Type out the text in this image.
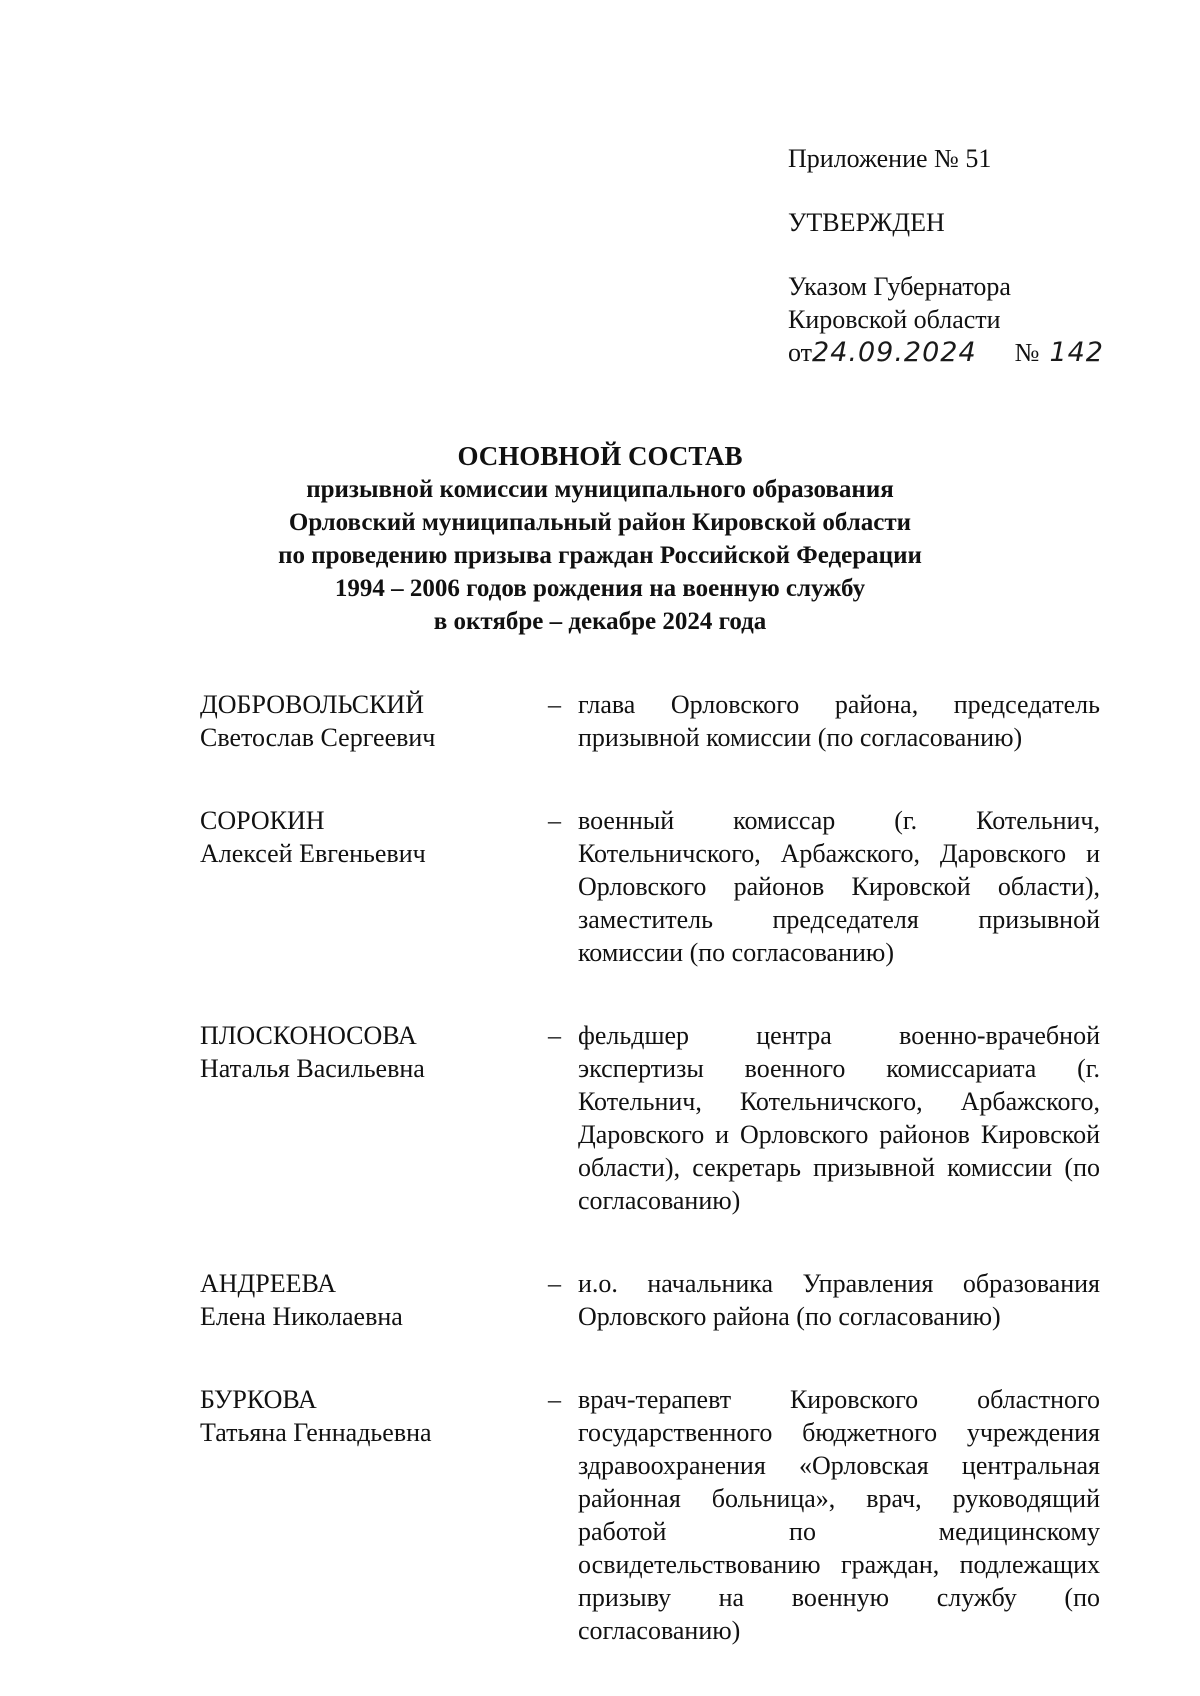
Приложение № 51
УТВЕРЖДЕН
Указом Губернатора
Кировской области
от24.09.2024 № 142
ОСНОВНОЙ СОСТАВ
призывной комиссии муниципального образования
Орловский муниципальный район Кировской области
по проведению призыва граждан Российской Федерации
1994 – 2006 годов рождения на военную службу
в октябре – декабре 2024 года
ДОБРОВОЛЬСКИЙ
Светослав Сергеевич
– глава Орловского района, председатель призывной комиссии (по согласованию)
СОРОКИН
Алексей Евгеньевич
– военный комиссар (г. Котельнич, Котельничского, Арбажского, Даровского и Орловского районов Кировской области), заместитель председателя призывной комиссии (по согласованию)
ПЛОСКОНОСОВА
Наталья Васильевна
– фельдшер центра военно-врачебной экспертизы военного комиссариата (г. Котельнич, Котельничского, Арбажского, Даровского и Орловского районов Кировской области), секретарь призывной комиссии (по согласованию)
АНДРЕЕВА
Елена Николаевна
– и.о. начальника Управления образования Орловского района (по согласованию)
БУРКОВА
Татьяна Геннадьевна
– врач-терапевт Кировского областного государственного бюджетного учреждения здравоохранения «Орловская центральная районная больница», врач, руководящий работой по медицинскому освидетельствованию граждан, подлежащих призыву на военную службу (по согласованию)
